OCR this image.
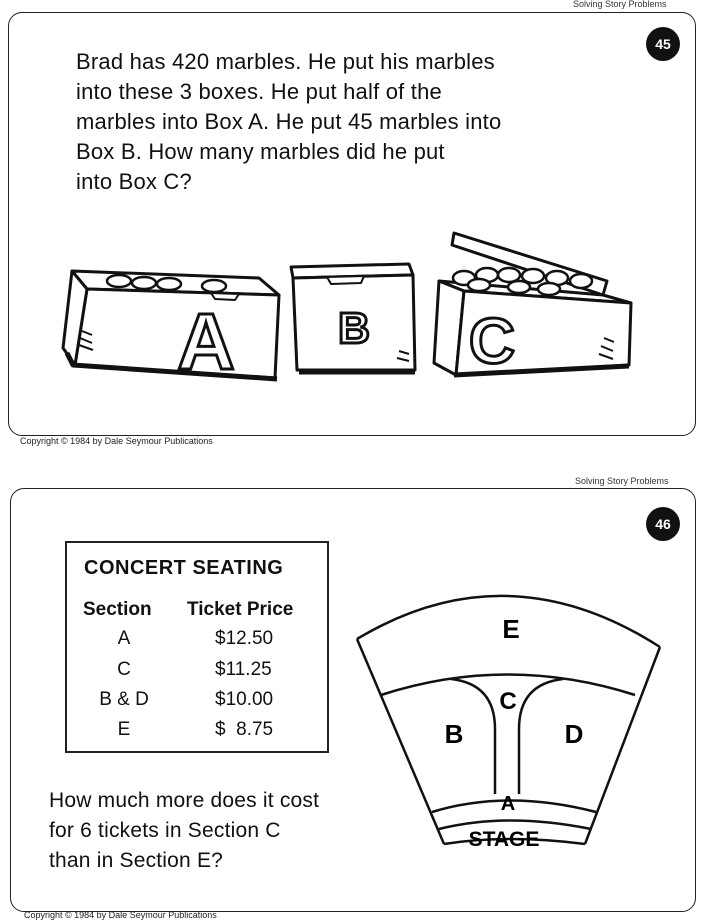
Solving Story Problems
45
Brad has 420 marbles. He put his marbles
into these 3 boxes. He put half of the
marbles into Box A. He put 45 marbles into
Box B. How many marbles did he put
into Box C?
A B C
Copyright © 1984 by Dale Seymour Publications
Solving Story Problems
46
CONCERT SEATING
Section Ticket Price
A	$12.50
C	$11.25
B & D	$10.00
E	$  8.75
E
B
C
D
A
STAGE
How much more does it cost
for 6 tickets in Section C
than in Section E?
Copyright © 1984 by Dale Seymour Publications
